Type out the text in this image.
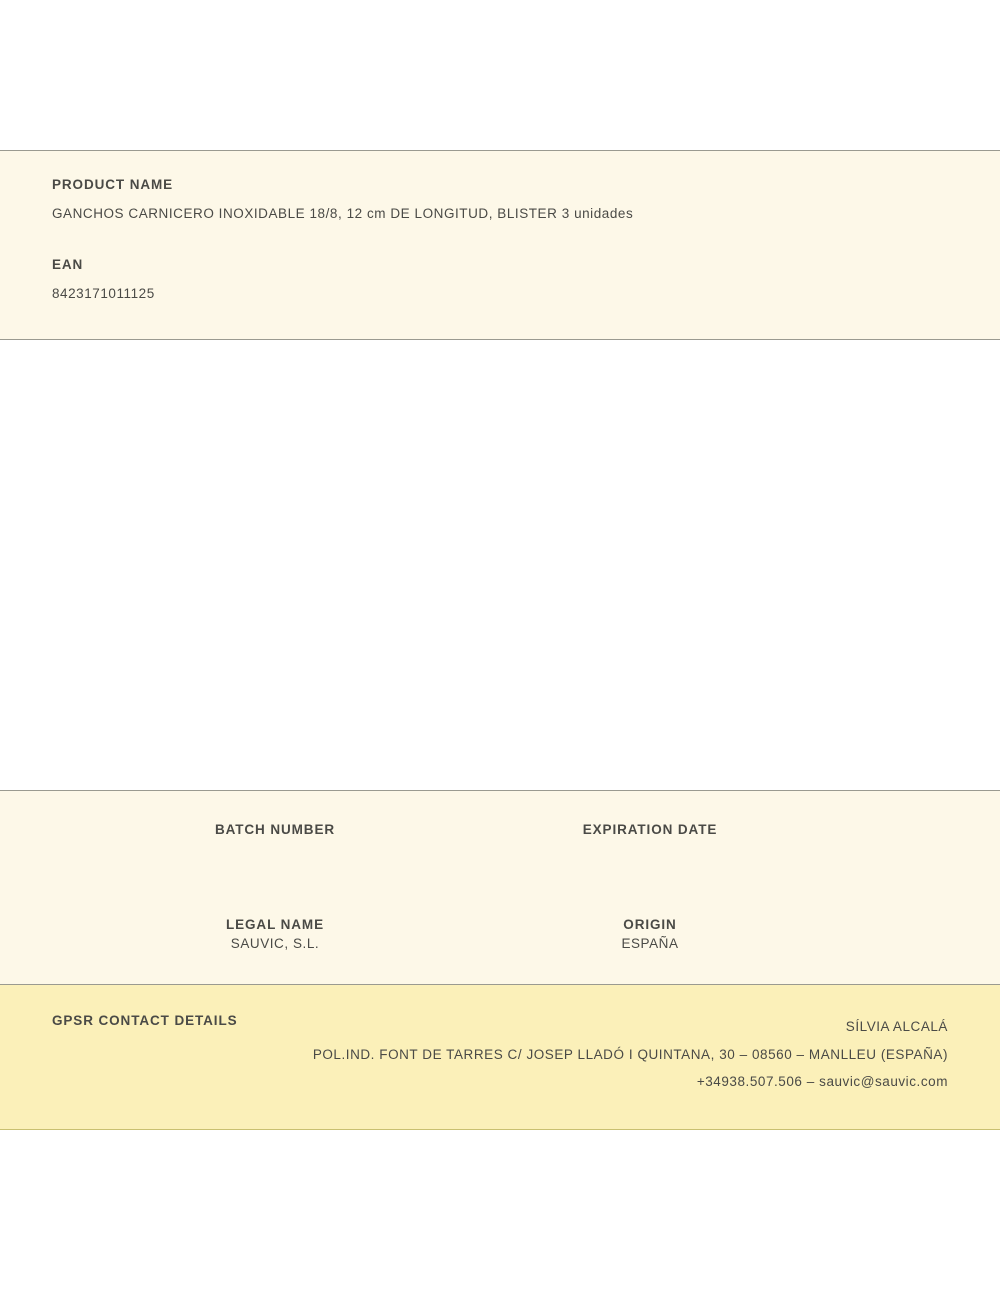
PRODUCT NAME
GANCHOS CARNICERO INOXIDABLE 18/8, 12 cm DE LONGITUD, BLISTER 3 unidades
EAN
8423171011125
BATCH NUMBER	EXPIRATION DATE
LEGAL NAME
SAUVIC, S.L.
ORIGIN
ESPAÑA
GPSR CONTACT DETAILS	SÍLVIA ALCALÁ
POL.IND. FONT DE TARRES C/ JOSEP LLADÓ I QUINTANA, 30 – 08560 – MANLLEU (ESPAÑA)
+34938.507.506 – sauvic@sauvic.com
